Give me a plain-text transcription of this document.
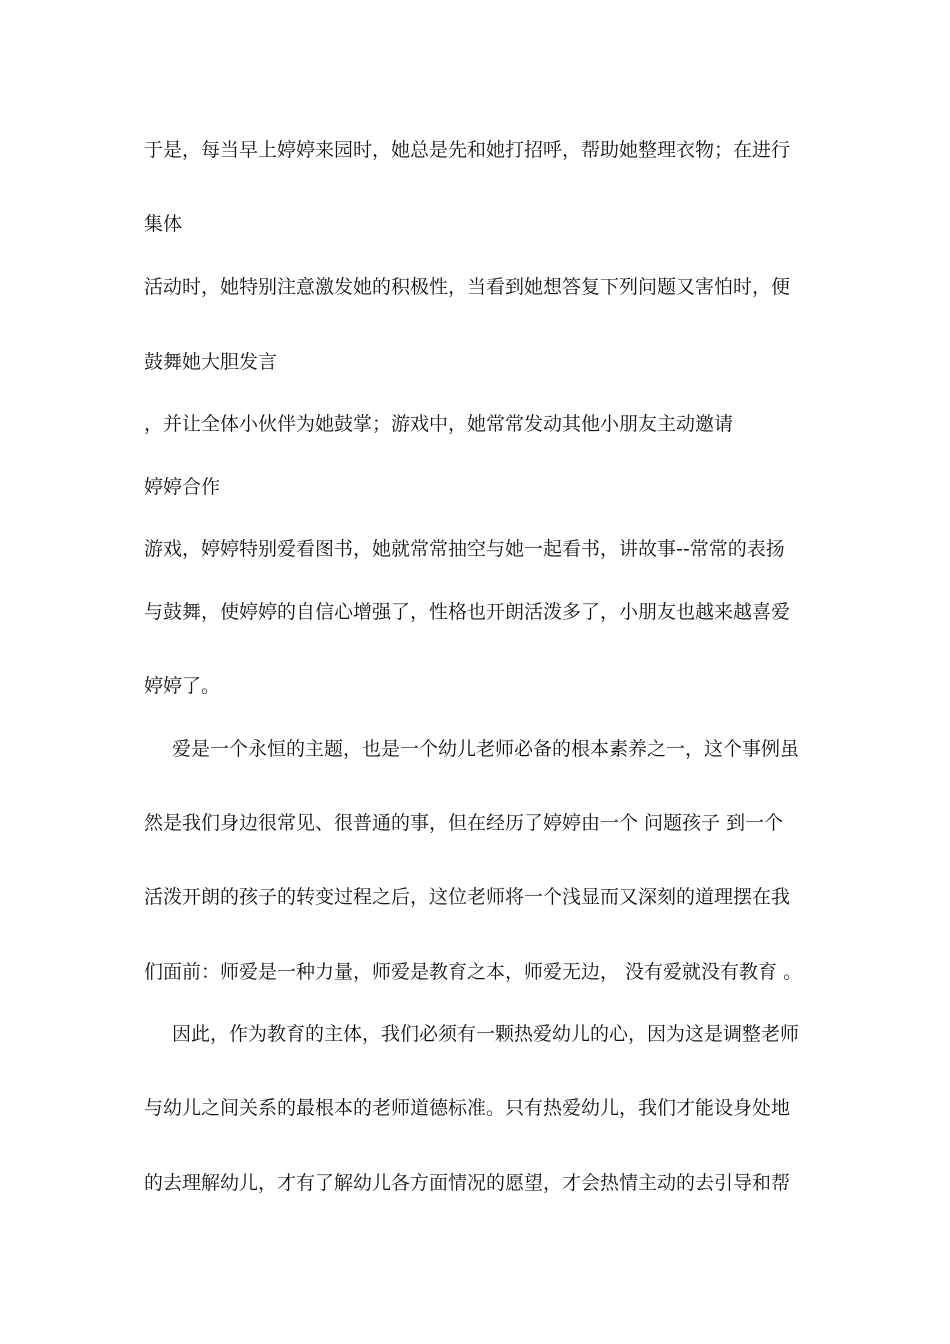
于是，每当早上婷婷来园时，她总是先和她打招呼，帮助她整理衣物；在进行
集体
活动时，她特别注意激发她的积极性，当看到她想答复下列问题又害怕时，便
鼓舞她大胆发言
，并让全体小伙伴为她鼓掌；游戏中，她常常发动其他小朋友主动邀请
婷婷合作
游戏，婷婷特别爱看图书，她就常常抽空与她一起看书，讲故事--常常的表扬
与鼓舞，使婷婷的自信心增强了，性格也开朗活泼多了，小朋友也越来越喜爱
婷婷了。
爱是一个永恒的主题，也是一个幼儿老师必备的根本素养之一，这个事例虽
然是我们身边很常见、很普通的事，但在经历了婷婷由一个 问题孩子 到一个
活泼开朗的孩子的转变过程之后，这位老师将一个浅显而又深刻的道理摆在我
们面前：师爱是一种力量，师爱是教育之本，师爱无边， 没有爱就没有教育 。
因此，作为教育的主体，我们必须有一颗热爱幼儿的心，因为这是调整老师
与幼儿之间关系的最根本的老师道德标准。只有热爱幼儿，我们才能设身处地
的去理解幼儿，才有了解幼儿各方面情况的愿望，才会热情主动的去引导和帮
